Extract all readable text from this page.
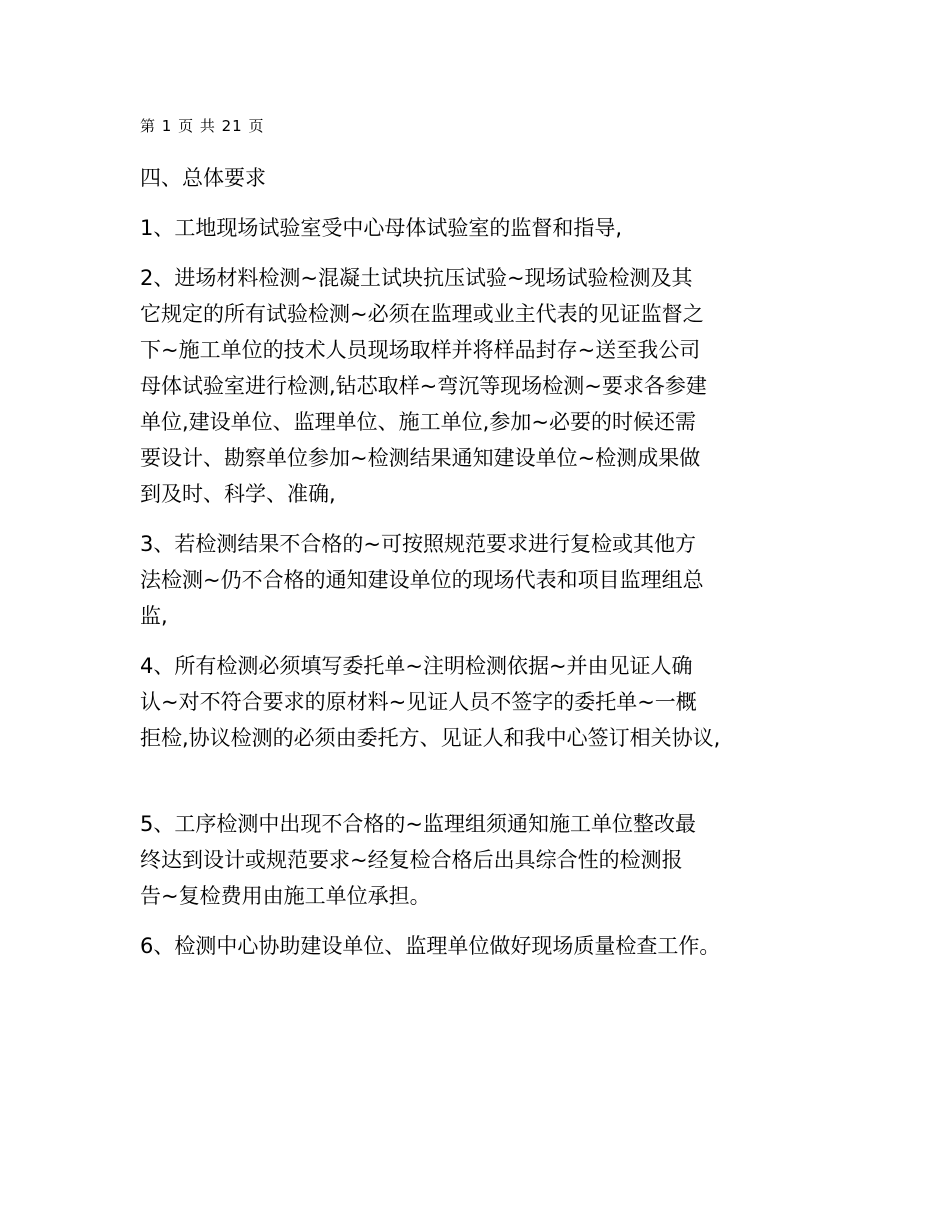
第 1 页 共 21 页
四、总体要求
1、工地现场试验室受中心母体试验室的监督和指导,
2、进场材料检测~混凝土试块抗压试验~现场试验检测及其
它规定的所有试验检测~必须在监理或业主代表的见证监督之
下~施工单位的技术人员现场取样并将样品封存~送至我公司
母体试验室进行检测,钻芯取样~弯沉等现场检测~要求各参建
单位,建设单位、监理单位、施工单位,参加~必要的时候还需
要设计、勘察单位参加~检测结果通知建设单位~检测成果做
到及时、科学、准确,
3、若检测结果不合格的~可按照规范要求进行复检或其他方
法检测~仍不合格的通知建设单位的现场代表和项目监理组总
监,
4、所有检测必须填写委托单~注明检测依据~并由见证人确
认~对不符合要求的原材料~见证人员不签字的委托单~一概
拒检,协议检测的必须由委托方、见证人和我中心签订相关协议,
5、工序检测中出现不合格的~监理组须通知施工单位整改最
终达到设计或规范要求~经复检合格后出具综合性的检测报
告~复检费用由施工单位承担。
6、检测中心协助建设单位、监理单位做好现场质量检查工作。
